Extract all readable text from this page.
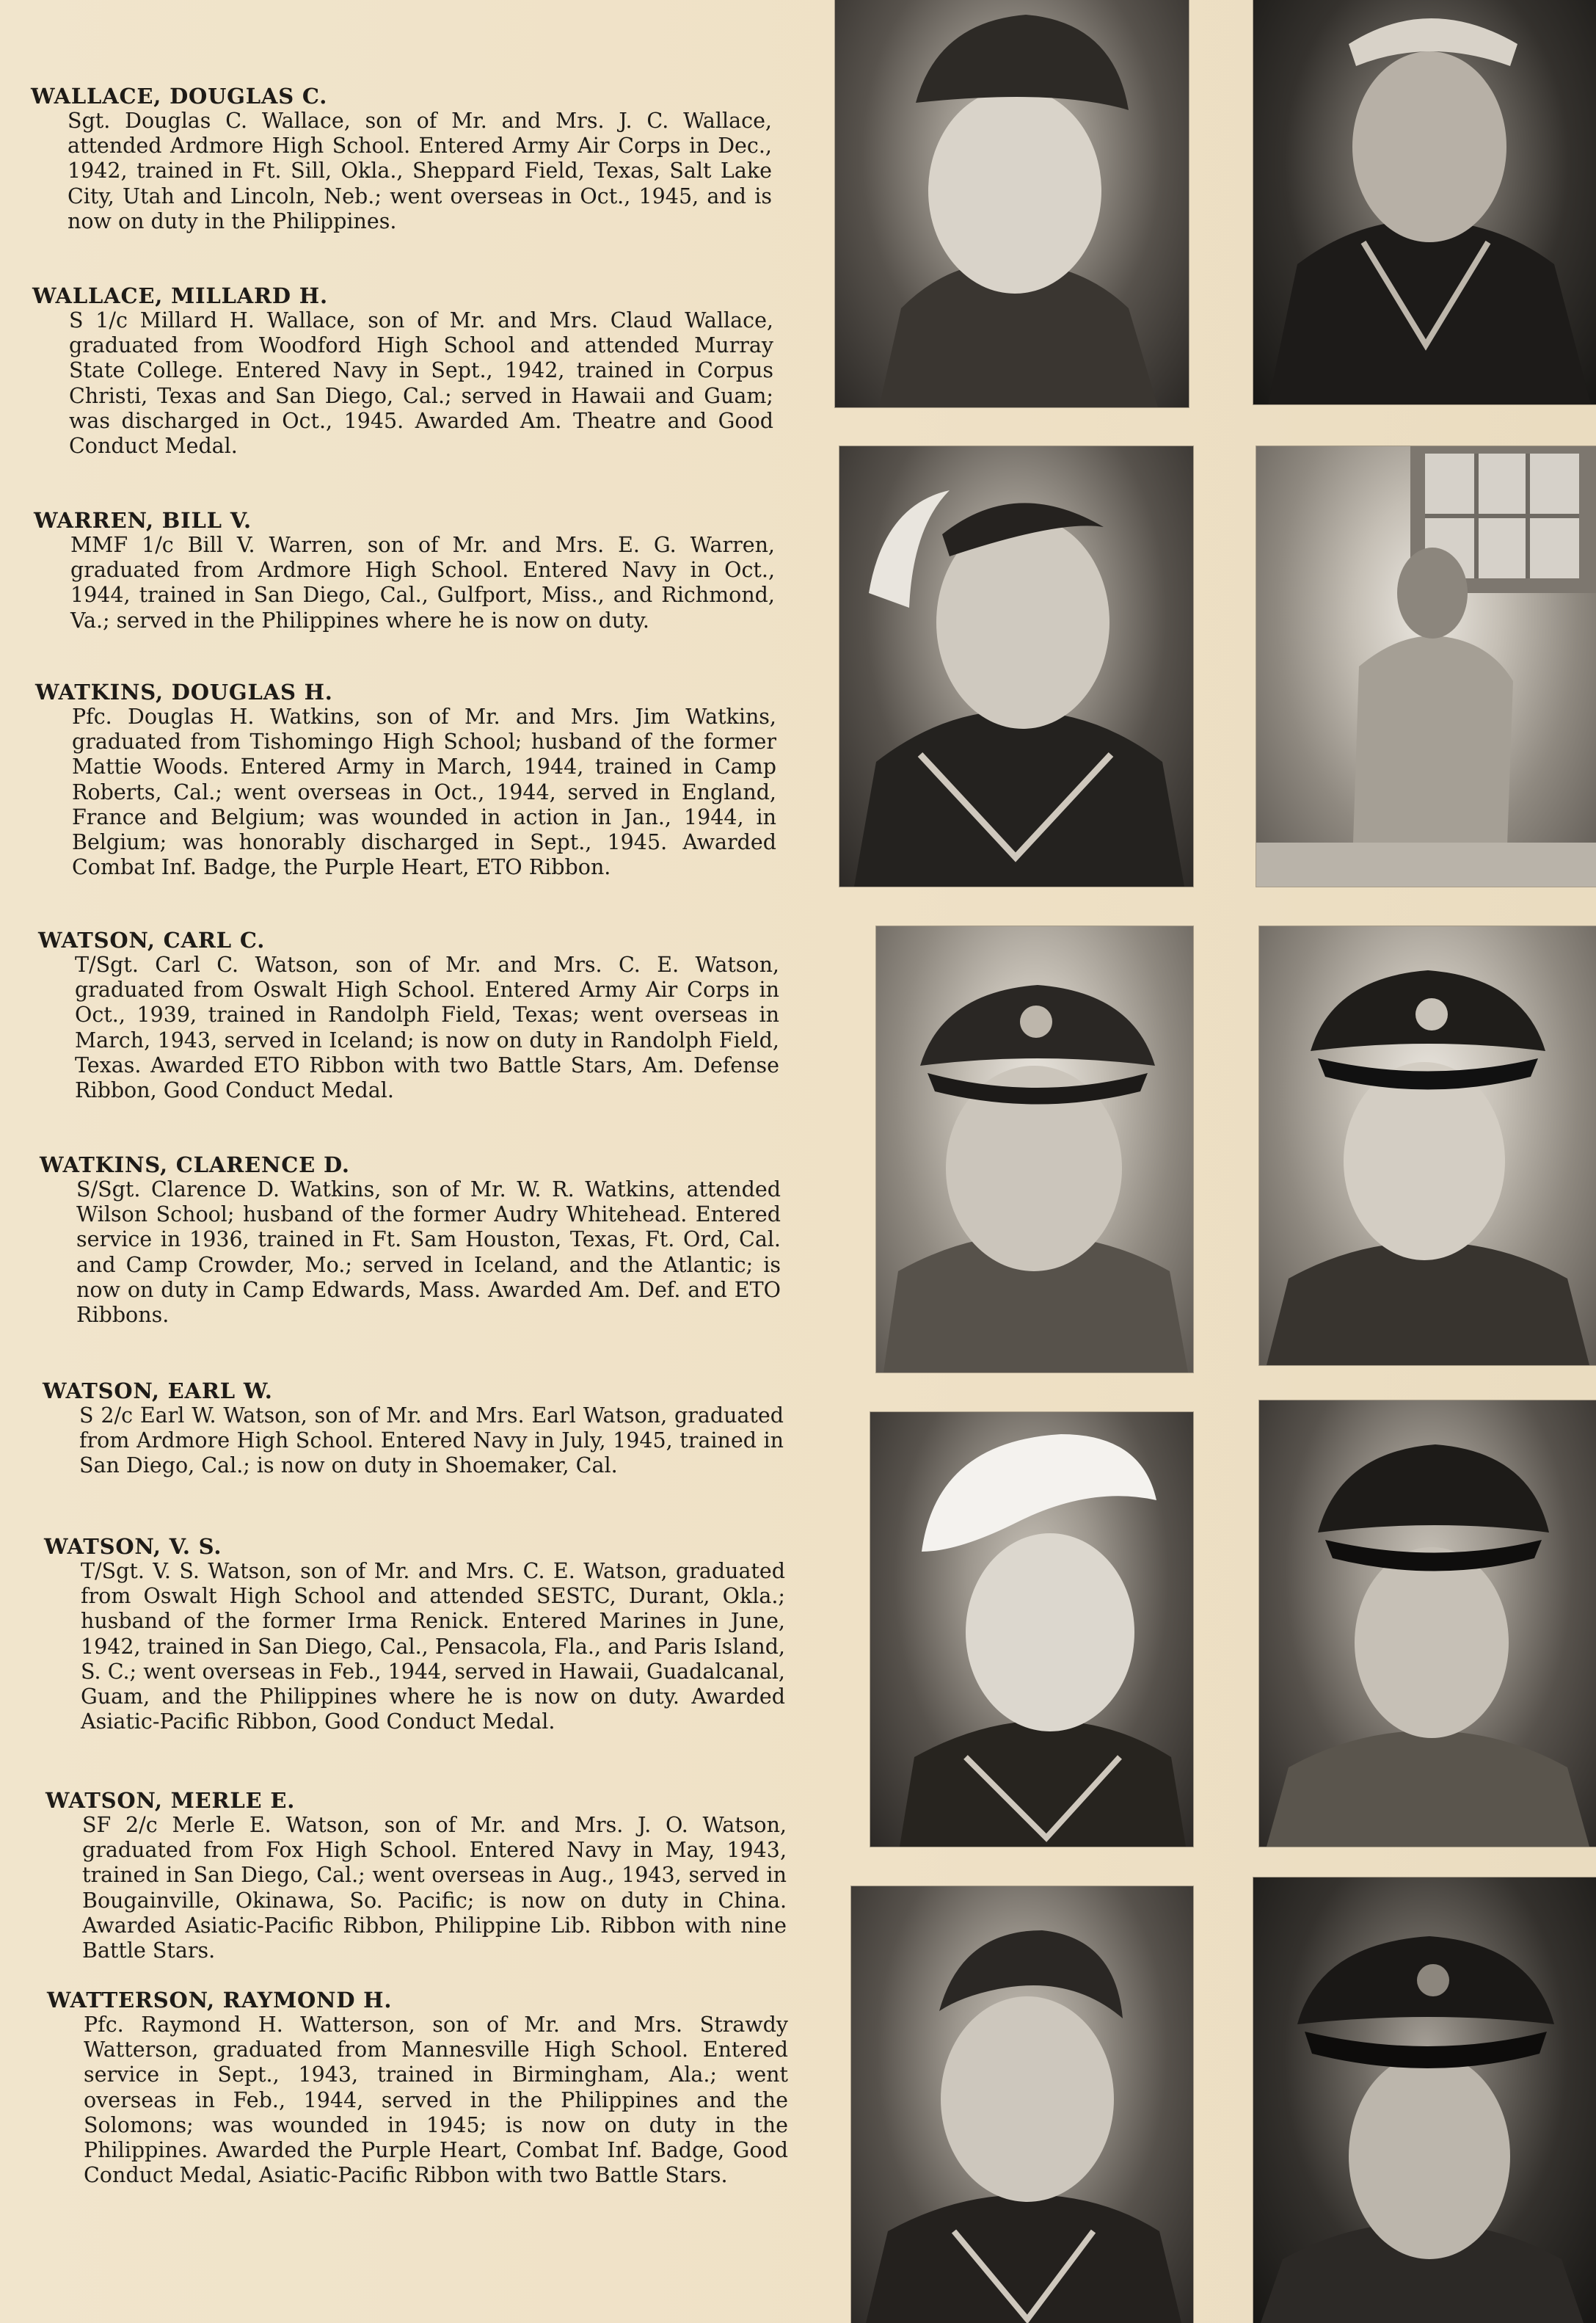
WALLACE, DOUGLAS C.

Sgt. Douglas C. Wallace, son of Mr. and Mrs. J. C. Wallace, attended Ardmore High School. Entered Army Air Corps in Dec., 1942, trained in Ft. Sill, Okla., Sheppard Field, Texas, Salt Lake City, Utah and Lincoln, Neb.; went overseas in Oct., 1945, and is now on duty in the Philippines.

WALLACE, MILLARD H.

S 1/c Millard H. Wallace, son of Mr. and Mrs. Claud Wallace, graduated from Woodford High School and attended Murray State College. Entered Navy in Sept., 1942, trained in Corpus Christi, Texas and San Diego, Cal.; served in Hawaii and Guam; was discharged in Oct., 1945. Awarded Am. Theatre and Good Conduct Medal.

WARREN, BILL V.

MMF 1/c Bill V. Warren, son of Mr. and Mrs. E. G. Warren, graduated from Ardmore High School. Entered Navy in Oct., 1944, trained in San Diego, Cal., Gulfport, Miss., and Richmond, Va.; served in the Philippines where he is now on duty.

WATKINS, DOUGLAS H.

Pfc. Douglas H. Watkins, son of Mr. and Mrs. Jim Watkins, graduated from Tishomingo High School; husband of the former Mattie Woods. Entered Army in March, 1944, trained in Camp Roberts, Cal.; went overseas in Oct., 1944, served in England, France and Belgium; was wounded in action in Jan., 1944, in Belgium; was honorably discharged in Sept., 1945. Awarded Combat Inf. Badge, the Purple Heart, ETO Ribbon.

WATSON, CARL C.

T/Sgt. Carl C. Watson, son of Mr. and Mrs. C. E. Watson, graduated from Oswalt High School. Entered Army Air Corps in Oct., 1939, trained in Randolph Field, Texas; went overseas in March, 1943, served in Iceland; is now on duty in Randolph Field, Texas. Awarded ETO Ribbon with two Battle Stars, Am. Defense Ribbon, Good Conduct Medal.

WATKINS, CLARENCE D.

S/Sgt. Clarence D. Watkins, son of Mr. W. R. Watkins, attended Wilson School; husband of the former Audry Whitehead. Entered service in 1936, trained in Ft. Sam Houston, Texas, Ft. Ord, Cal. and Camp Crowder, Mo.; served in Iceland, and the Atlantic; is now on duty in Camp Edwards, Mass. Awarded Am. Def. and ETO Ribbons.

WATSON, EARL W.

S 2/c Earl W. Watson, son of Mr. and Mrs. Earl Watson, graduated from Ardmore High School. Entered Navy in July, 1945, trained in San Diego, Cal.; is now on duty in Shoemaker, Cal.

WATSON, V. S.

T/Sgt. V. S. Watson, son of Mr. and Mrs. C. E. Watson, graduated from Oswalt High School and attended SESTC, Durant, Okla.; husband of the former Irma Renick. Entered Marines in June, 1942, trained in San Diego, Cal., Pensacola, Fla., and Paris Island, S. C.; went overseas in Feb., 1944, served in Hawaii, Guadalcanal, Guam, and the Philippines where he is now on duty. Awarded Asiatic-Pacific Ribbon, Good Conduct Medal.

WATSON, MERLE E.

SF 2/c Merle E. Watson, son of Mr. and Mrs. J. O. Watson, graduated from Fox High School. Entered Navy in May, 1943, trained in San Diego, Cal.; went overseas in Aug., 1943, served in Bougainville, Okinawa, So. Pacific; is now on duty in China. Awarded Asiatic-Pacific Ribbon, Philippine Lib. Ribbon with nine Battle Stars.

WATTERSON, RAYMOND H.

Pfc. Raymond H. Watterson, son of Mr. and Mrs. Strawdy Watterson, graduated from Mannesville High School. Entered service in Sept., 1943, trained in Birmingham, Ala.; went overseas in Feb., 1944, served in the Philippines and the Solomons; was wounded in 1945; is now on duty in the Philippines. Awarded the Purple Heart, Combat Inf. Badge, Good Conduct Medal, Asiatic-Pacific Ribbon with two Battle Stars.
